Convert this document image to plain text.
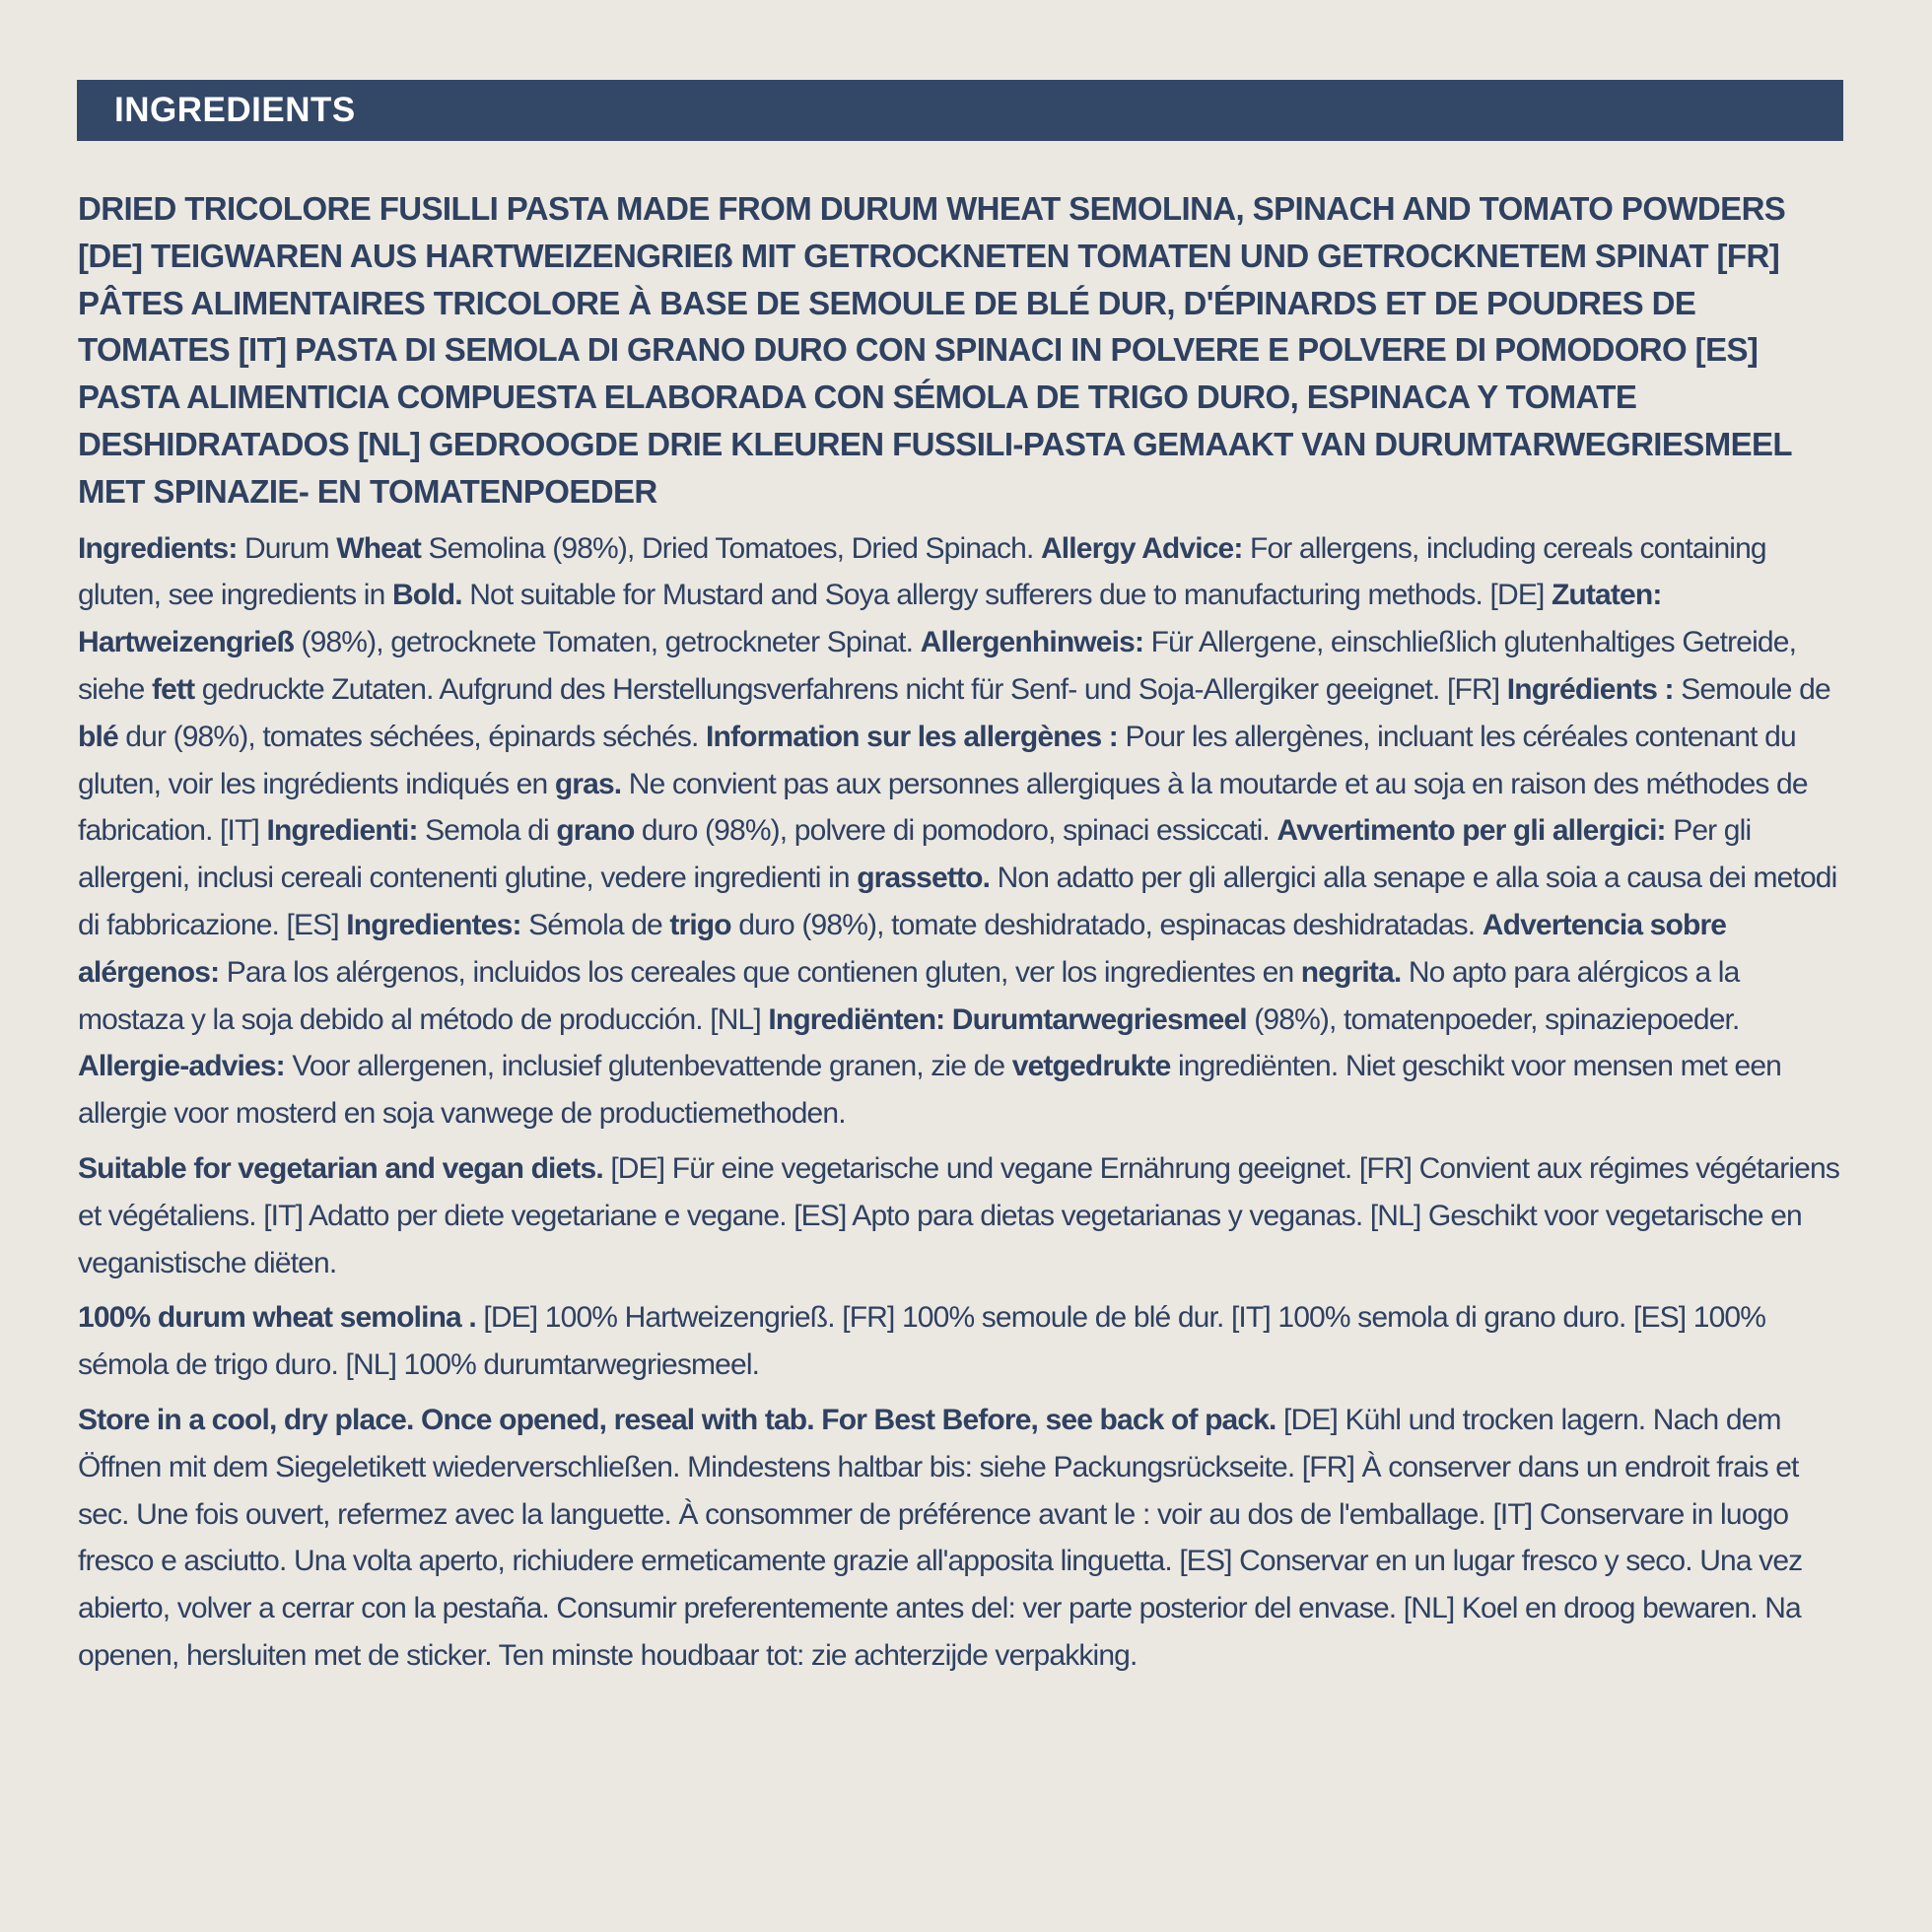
INGREDIENTS

DRIED TRICOLORE FUSILLI PASTA MADE FROM DURUM WHEAT SEMOLINA, SPINACH AND TOMATO POWDERS [DE] TEIGWAREN AUS HARTWEIZENGRIEß MIT GETROCKNETEN TOMATEN UND GETROCKNETEM SPINAT [FR] PÂTES ALIMENTAIRES TRICOLORE À BASE DE SEMOULE DE BLÉ DUR, D'ÉPINARDS ET DE POUDRES DE TOMATES [IT] PASTA DI SEMOLA DI GRANO DURO CON SPINACI IN POLVERE E POLVERE DI POMODORO [ES] PASTA ALIMENTICIA COMPUESTA ELABORADA CON SÉMOLA DE TRIGO DURO, ESPINACA Y TOMATE DESHIDRATADOS [NL] GEDROOGDE DRIE KLEUREN FUSSILI-PASTA GEMAAKT VAN DURUMTARWEGRIESMEEL MET SPINAZIE- EN TOMATENPOEDER

Ingredients: Durum Wheat Semolina (98%), Dried Tomatoes, Dried Spinach. Allergy Advice: For allergens, including cereals containing gluten, see ingredients in Bold. Not suitable for Mustard and Soya allergy sufferers due to manufacturing methods. [DE] Zutaten: Hartweizengrieß (98%), getrocknete Tomaten, getrockneter Spinat. Allergenhinweis: Für Allergene, einschließlich glutenhaltiges Getreide, siehe fett gedruckte Zutaten. Aufgrund des Herstellungsverfahrens nicht für Senf- und Soja-Allergiker geeignet. [FR] Ingrédients : Semoule de blé dur (98%), tomates séchées, épinards séchés. Information sur les allergènes : Pour les allergènes, incluant les céréales contenant du gluten, voir les ingrédients indiqués en gras. Ne convient pas aux personnes allergiques à la moutarde et au soja en raison des méthodes de fabrication. [IT] Ingredienti: Semola di grano duro (98%), polvere di pomodoro, spinaci essiccati. Avvertimento per gli allergici: Per gli allergeni, inclusi cereali contenenti glutine, vedere ingredienti in grassetto. Non adatto per gli allergici alla senape e alla soia a causa dei metodi di fabbricazione. [ES] Ingredientes: Sémola de trigo duro (98%), tomate deshidratado, espinacas deshidratadas. Advertencia sobre alérgenos: Para los alérgenos, incluidos los cereales que contienen gluten, ver los ingredientes en negrita. No apto para alérgicos a la mostaza y la soja debido al método de producción. [NL] Ingrediënten: Durumtarwegriesmeel (98%), tomatenpoeder, spinaziepoeder. Allergie-advies: Voor allergenen, inclusief glutenbevattende granen, zie de vetgedrukte ingrediënten. Niet geschikt voor mensen met een allergie voor mosterd en soja vanwege de productiemethoden.

Suitable for vegetarian and vegan diets. [DE] Für eine vegetarische und vegane Ernährung geeignet. [FR] Convient aux régimes végétariens et végétaliens. [IT] Adatto per diete vegetariane e vegane. [ES] Apto para dietas vegetarianas y veganas. [NL] Geschikt voor vegetarische en veganistische diëten.

100% durum wheat semolina . [DE] 100% Hartweizengrieß. [FR] 100% semoule de blé dur. [IT] 100% semola di grano duro. [ES] 100% sémola de trigo duro. [NL] 100% durumtarwegriesmeel.

Store in a cool, dry place. Once opened, reseal with tab. For Best Before, see back of pack. [DE] Kühl und trocken lagern. Nach dem Öffnen mit dem Siegeletikett wiederverschließen. Mindestens haltbar bis: siehe Packungsrückseite. [FR] À conserver dans un endroit frais et sec. Une fois ouvert, refermez avec la languette. À consommer de préférence avant le : voir au dos de l'emballage. [IT] Conservare in luogo fresco e asciutto. Una volta aperto, richiudere ermeticamente grazie all'apposita linguetta. [ES] Conservar en un lugar fresco y seco. Una vez abierto, volver a cerrar con la pestaña. Consumir preferentemente antes del: ver parte posterior del envase. [NL] Koel en droog bewaren. Na openen, hersluiten met de sticker. Ten minste houdbaar tot: zie achterzijde verpakking.
